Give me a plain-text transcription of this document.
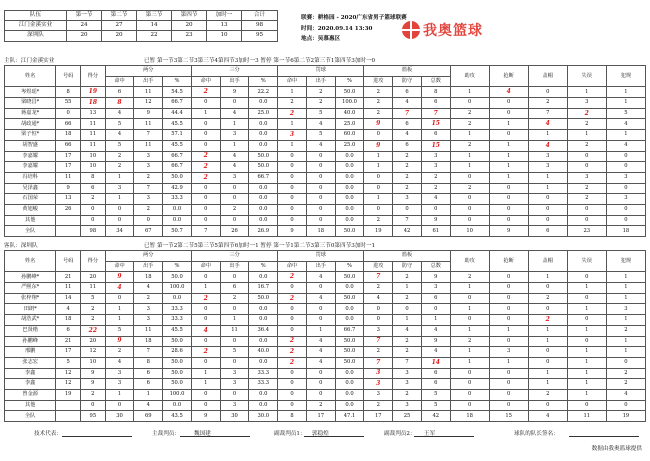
队伍	第一节	第二节	第三节	第四节	加时一	合计
江门金溪实业	24	27	14	20	13	98
深圳队	20	20	22	23	10	95
联赛：耕格园 - 2020广东省男子篮球联赛
时间：2020.09.14 13:30
地点：吴慕惠区	我奥篮球
主队：江门金溪实业	已暂 第一节3第二节3第三节4第四节3加时一3 暂停 第一节6第二节2第三节1第四节3加时一0
姓名	号码	得分	两分			三分			罚球			篮板			助攻	抢断	盖帽	失误	犯规
			命中	出手	%	命中	出手	%	命中	出手	%	进攻	防守	总数					
岑煜瑶*	8	19	6	11	54.5	2	9	22.2	1	2	50.0	2	6	8	1	4	0	1	1
梁晓昌*	55	18	8	12	66.7	0	0	0.0	2	2	100.0	2	4	6	0	0	2	3	1
蒋嘉龙*	0	13	4	9	44.4	1	4	25.0	2	5	40.0	2	7	7	2	0	7	2	5
胡政通*	66	11	5	11	45.5	0	1	0.0	1	4	25.0	9	6	15	2	1	4	2	4
梁子恒*	18	11	4	7	57.1	0	3	0.0	3	5	60.0	0	4	6	1	0	1	1	1
胡智盛	66	11	5	11	45.5	0	1	0.0	1	4	25.0	9	6	15	2	1	4	2	4
李嘉耀	17	10	2	3	66.7	2	4	50.0	0	0	0.0	1	2	3	1	1	3	0	0
李嘉耀	17	10	2	3	66.7	2	4	50.0	0	0	0.0	1	2	3	1	1	3	0	0
冯培科	11	8	1	2	50.0	2	3	66.7	0	0	0.0	0	2	2	0	1	1	3	3
吴泽鑫	9	6	3	7	42.9	0	0	0.0	0	0	0.0	0	2	2	2	0	1	2	0
石国荣	13	2	1	3	33.3	0	0	0.0	0	0	0.0	1	3	4	0	0	0	2	3
黄旭峻	26	0	0	2	0.0	0	2	0.0	0	0	0.0	0	0	0	0	0	0	0	0
其他		0	0	0	0.0	0	0	0.0	0	0	0.0	2	7	9	0	0	0	0	0
全队		98	34	67	50.7	7	26	26.9	9	18	50.0	19	42	61	10	9	6	23	18
客队：深圳队	已暂 第一节2第二节5第三节5第四节6加时一1 暂停 第一节1第二节3第三节0第四节3加时一1
姓名	号码	得分	两分			三分			罚球			篮板			助攻	抢断	盖帽	失误	犯规
			命中	出手	%	命中	出手	%	命中	出手	%	进攻	防守	总数					
孙鹏峰*	21	20	9	18	50.0	0	0	0.0	2	4	50.0	7	2	9	2	0	1	0	1
严熙东*	11	11	4	4	100.0	1	6	16.7	0	0	0.0	2	1	3	1	0	0	1	1
张梓翔*	14	5	0	2	0.0	2	2	50.0	2	4	50.0	4	2	6	0	0	2	0	1
田朗*	4	2	1	3	33.3	0	0	0.0	0	0	0.0	0	0	0	1	0	0	1	3
胡浩武*	18	2	1	3	33.3	0	1	0.0	0	0	0.0	0	1	1	0	0	2	0	1
巴贤楷	6	22	5	11	45.5	4	11	36.4	0	1	66.7	3	4	4	1	1	1	1	2
孙鹏峰	21	20	9	18	50.0	0	0	0.0	2	4	50.0	7	2	9	2	0	1	0	1
邢鹏	17	12	2	7	28.6	2	5	40.0	2	4	50.0	2	2	4	1	3	0	1	1
张志宏	5	10	4	8	50.0	0	0	0.0	2	4	50.0	7	7	14	1	1	0	1	0
李鑫	12	9	3	6	50.0	1	3	33.3	0	0	0.0	3	3	6	0	0	1	1	2
李鑫	12	9	3	6	50.0	1	3	33.3	0	0	0.0	3	3	6	0	0	1	1	2
曾金源	19	2	1	1	100.0	0	0	0.0	0	0	0.0	3	2	5	0	0	2	1	4
其他		0	0	4	0.0	0	3	0.0	0	2	0.0	2	3	5	0	0	0	0	0
全队		95	30	69	43.5	9	30	30.0	8	17	47.1	17	25	42	18	15	4	11	19
技术代表：	主裁判员：	魏国建	副裁判员1： 郭稳煌	副裁判员2： 王军	球队的队长签名：
数据由我奥篮球提供
